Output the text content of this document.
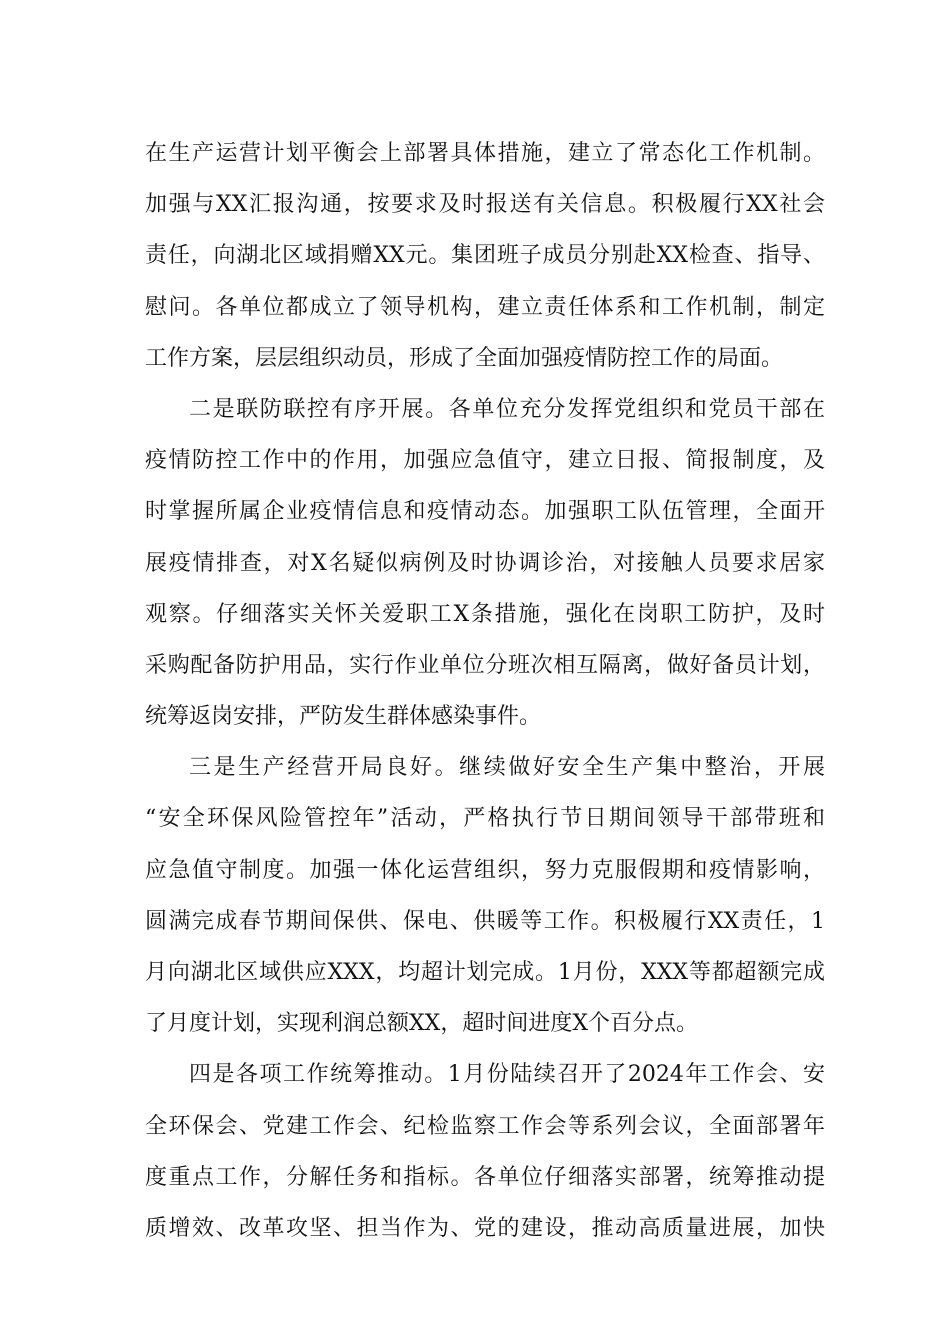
在生产运营计划平衡会上部署具体措施，建立了常态化工作机制。
加强与XX汇报沟通，按要求及时报送有关信息。积极履行XX社会
责任，向湖北区域捐赠XX元。集团班子成员分别赴XX检查、指导、
慰问。各单位都成立了领导机构，建立责任体系和工作机制，制定
工作方案，层层组织动员，形成了全面加强疫情防控工作的局面。
二是联防联控有序开展。各单位充分发挥党组织和党员干部在
疫情防控工作中的作用，加强应急值守，建立日报、简报制度，及
时掌握所属企业疫情信息和疫情动态。加强职工队伍管理，全面开
展疫情排查，对X名疑似病例及时协调诊治，对接触人员要求居家
观察。仔细落实关怀关爱职工X条措施，强化在岗职工防护，及时
采购配备防护用品，实行作业单位分班次相互隔离，做好备员计划，
统筹返岗安排，严防发生群体感染事件。
三是生产经营开局良好。继续做好安全生产集中整治，开展
“安全环保风险管控年”活动，严格执行节日期间领导干部带班和
应急值守制度。加强一体化运营组织，努力克服假期和疫情影响，
圆满完成春节期间保供、保电、供暖等工作。积极履行XX责任，1
月向湖北区域供应XXX，均超计划完成。1月份，XXX等都超额完成
了月度计划，实现利润总额XX，超时间进度X个百分点。
四是各项工作统筹推动。1月份陆续召开了2024年工作会、安
全环保会、党建工作会、纪检监察工作会等系列会议，全面部署年
度重点工作，分解任务和指标。各单位仔细落实部署，统筹推动提
质增效、改革攻坚、担当作为、党的建设，推动高质量进展，加快
